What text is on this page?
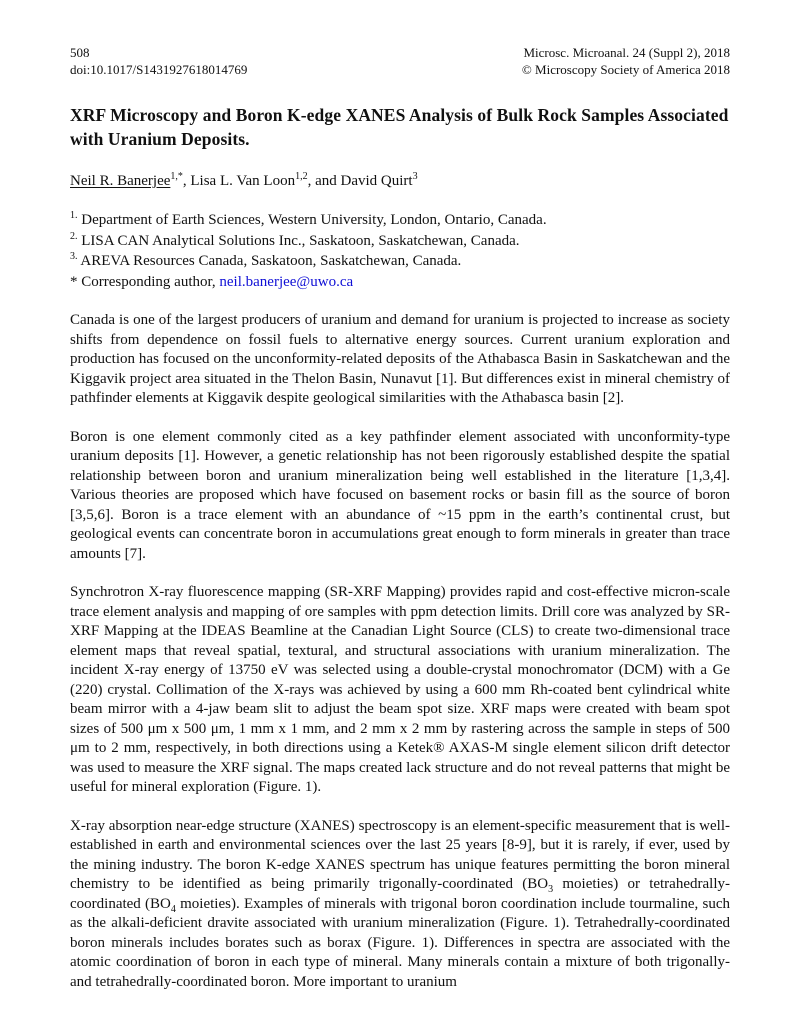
508
doi:10.1017/S1431927618014769
Microsc. Microanal. 24 (Suppl 2), 2018
© Microscopy Society of America 2018
XRF Microscopy and Boron K-edge XANES Analysis of Bulk Rock Samples Associated with Uranium Deposits.
Neil R. Banerjee$^{1,*}$, Lisa L. Van Loon$^{1,2}$, and David Quirt$^3$
$^{1.}$ Department of Earth Sciences, Western University, London, Ontario, Canada.
$^{2.}$ LISA CAN Analytical Solutions Inc., Saskatoon, Saskatchewan, Canada.
$^{3.}$ AREVA Resources Canada, Saskatoon, Saskatchewan, Canada.
* Corresponding author, neil.banerjee@uwo.ca

Canada is one of the largest producers of uranium and demand for uranium is projected to increase as society shifts from dependence on fossil fuels to alternative energy sources. Current uranium exploration and production has focused on the unconformity-related deposits of the Athabasca Basin in Saskatchewan and the Kiggavik project area situated in the Thelon Basin, Nunavut [1]. But differences exist in mineral chemistry of pathfinder elements at Kiggavik despite geological similarities with the Athabasca basin [2].

Boron is one element commonly cited as a key pathfinder element associated with unconformity-type uranium deposits [1]. However, a genetic relationship has not been rigorously established despite the spatial relationship between boron and uranium mineralization being well established in the literature [1,3,4]. Various theories are proposed which have focused on basement rocks or basin fill as the source of boron [3,5,6]. Boron is a trace element with an abundance of ~15 ppm in the earth’s continental crust, but geological events can concentrate boron in accumulations great enough to form minerals in greater than trace amounts [7].

Synchrotron X-ray fluorescence mapping (SR-XRF Mapping) provides rapid and cost-effective micron-scale trace element analysis and mapping of ore samples with ppm detection limits. Drill core was analyzed by SR-XRF Mapping at the IDEAS Beamline at the Canadian Light Source (CLS) to create two-dimensional trace element maps that reveal spatial, textural, and structural associations with uranium mineralization. The incident X-ray energy of 13750 eV was selected using a double-crystal monochromator (DCM) with a Ge (220) crystal. Collimation of the X-rays was achieved by using a 600 mm Rh-coated bent cylindrical white beam mirror with a 4-jaw beam slit to adjust the beam spot size. XRF maps were created with beam spot sizes of 500 μm x 500 μm, 1 mm x 1 mm, and 2 mm x 2 mm by rastering across the sample in steps of 500 μm to 2 mm, respectively, in both directions using a Ketek® AXAS-M single element silicon drift detector was used to measure the XRF signal. The maps created lack structure and do not reveal patterns that might be useful for mineral exploration (Figure. 1).

X-ray absorption near-edge structure (XANES) spectroscopy is an element-specific measurement that is well-established in earth and environmental sciences over the last 25 years [8-9], but it is rarely, if ever, used by the mining industry. The boron K-edge XANES spectrum has unique features permitting the boron mineral chemistry to be identified as being primarily trigonally-coordinated ($BO_3$ moieties) or tetrahedrally-coordinated ($BO_4$ moieties). Examples of minerals with trigonal boron coordination include tourmaline, such as the alkali-deficient dravite associated with uranium mineralization (Figure. 1). Tetrahedrally-coordinated boron minerals includes borates such as borax (Figure. 1). Differences in spectra are associated with the atomic coordination of boron in each type of mineral. Many minerals contain a mixture of both trigonally- and tetrahedrally-coordinated boron. More important to uranium
